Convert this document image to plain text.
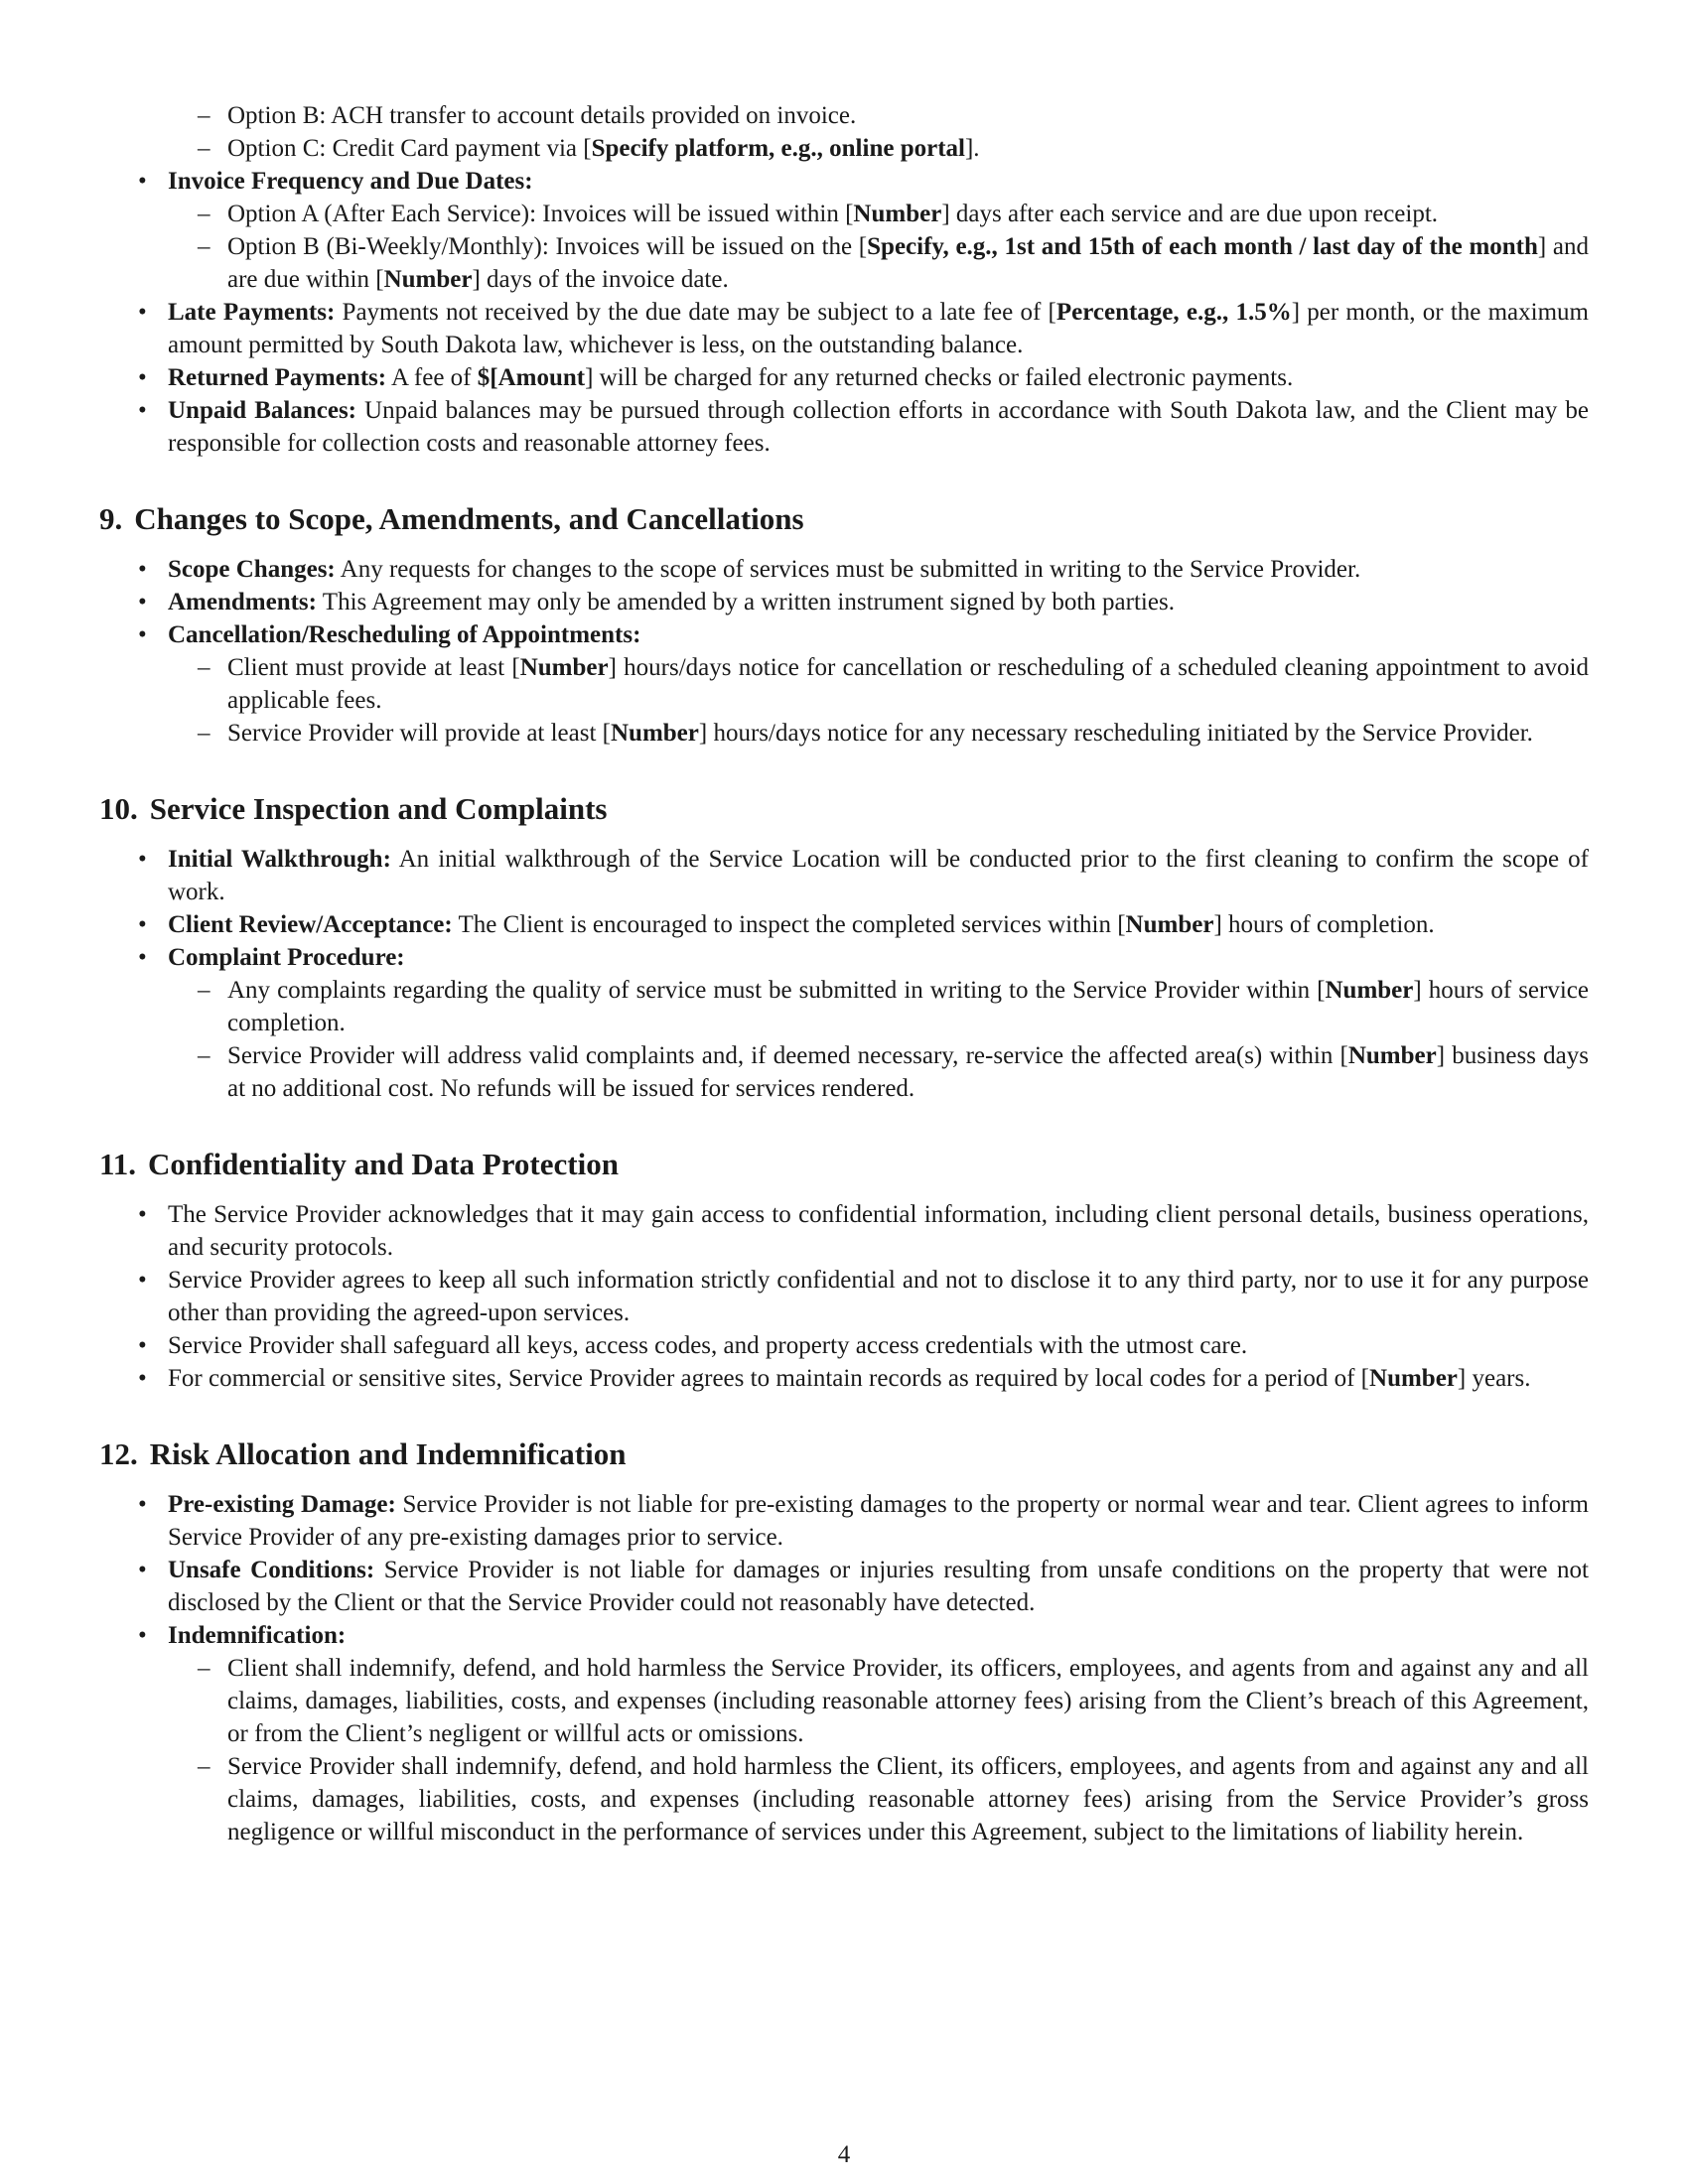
– Option B: ACH transfer to account details provided on invoice.
– Option C: Credit Card payment via [Specify platform, e.g., online portal].
• Invoice Frequency and Due Dates:
– Option A (After Each Service): Invoices will be issued within [Number] days after each service and are due upon receipt.
– Option B (Bi-Weekly/Monthly): Invoices will be issued on the [Specify, e.g., 1st and 15th of each month / last day of the month] and are due within [Number] days of the invoice date.
• Late Payments: Payments not received by the due date may be subject to a late fee of [Percentage, e.g., 1.5%] per month, or the maximum amount permitted by South Dakota law, whichever is less, on the outstanding balance.
• Returned Payments: A fee of $[Amount] will be charged for any returned checks or failed electronic payments.
• Unpaid Balances: Unpaid balances may be pursued through collection efforts in accordance with South Dakota law, and the Client may be responsible for collection costs and reasonable attorney fees.
9. Changes to Scope, Amendments, and Cancellations
• Scope Changes: Any requests for changes to the scope of services must be submitted in writing to the Service Provider.
• Amendments: This Agreement may only be amended by a written instrument signed by both parties.
• Cancellation/Rescheduling of Appointments:
– Client must provide at least [Number] hours/days notice for cancellation or rescheduling of a scheduled cleaning appointment to avoid applicable fees.
– Service Provider will provide at least [Number] hours/days notice for any necessary rescheduling initiated by the Service Provider.
10. Service Inspection and Complaints
• Initial Walkthrough: An initial walkthrough of the Service Location will be conducted prior to the first cleaning to confirm the scope of work.
• Client Review/Acceptance: The Client is encouraged to inspect the completed services within [Number] hours of completion.
• Complaint Procedure:
– Any complaints regarding the quality of service must be submitted in writing to the Service Provider within [Number] hours of service completion.
– Service Provider will address valid complaints and, if deemed necessary, re-service the affected area(s) within [Number] business days at no additional cost. No refunds will be issued for services rendered.
11. Confidentiality and Data Protection
• The Service Provider acknowledges that it may gain access to confidential information, including client personal details, business operations, and security protocols.
• Service Provider agrees to keep all such information strictly confidential and not to disclose it to any third party, nor to use it for any purpose other than providing the agreed-upon services.
• Service Provider shall safeguard all keys, access codes, and property access credentials with the utmost care.
• For commercial or sensitive sites, Service Provider agrees to maintain records as required by local codes for a period of [Number] years.
12. Risk Allocation and Indemnification
• Pre-existing Damage: Service Provider is not liable for pre-existing damages to the property or normal wear and tear. Client agrees to inform Service Provider of any pre-existing damages prior to service.
• Unsafe Conditions: Service Provider is not liable for damages or injuries resulting from unsafe conditions on the property that were not disclosed by the Client or that the Service Provider could not reasonably have detected.
• Indemnification:
– Client shall indemnify, defend, and hold harmless the Service Provider, its officers, employees, and agents from and against any and all claims, damages, liabilities, costs, and expenses (including reasonable attorney fees) arising from the Client’s breach of this Agreement, or from the Client’s negligent or willful acts or omissions.
– Service Provider shall indemnify, defend, and hold harmless the Client, its officers, employees, and agents from and against any and all claims, damages, liabilities, costs, and expenses (including reasonable attorney fees) arising from the Service Provider’s gross negligence or willful misconduct in the performance of services under this Agreement, subject to the limitations of liability herein.
4
